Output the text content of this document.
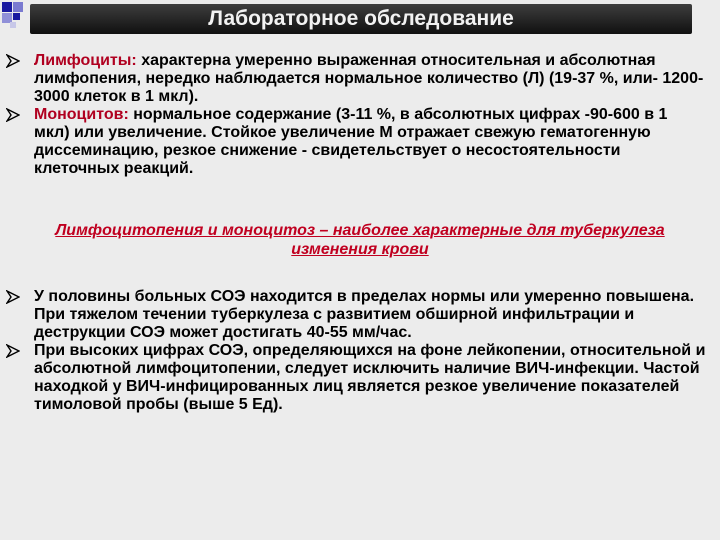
Лабораторное обследование
Лимфоциты: характерна умеренно выраженная относительная и абсолютная лимфопения, нередко наблюдается нормальное количество (Л) (19-37 %, или- 1200-3000 клеток в 1 мкл).
Моноцитов: нормальное содержание (3-11 %, в абсолютных цифрах -90-600 в 1 мкл) или увеличение. Стойкое увеличение М отражает свежую гематогенную диссеминацию, резкое снижение - свидетельствует о несостоятельности клеточных реакций.
Лимфоцитопения и моноцитоз – наиболее характерные для туберкулеза изменения крови
У половины больных СОЭ находится в пределах нормы или умеренно повышена. При тяжелом течении туберкулеза с развитием обширной инфильтрации и деструкции СОЭ может достигать 40-55 мм/час.
При высоких цифрах СОЭ, определяющихся на фоне лейкопении, относительной и абсолютной лимфоцитопении, следует исключить наличие ВИЧ-инфекции. Частой находкой у ВИЧ-инфицированных лиц является резкое увеличение показателей тимоловой пробы (выше 5 Ед).
